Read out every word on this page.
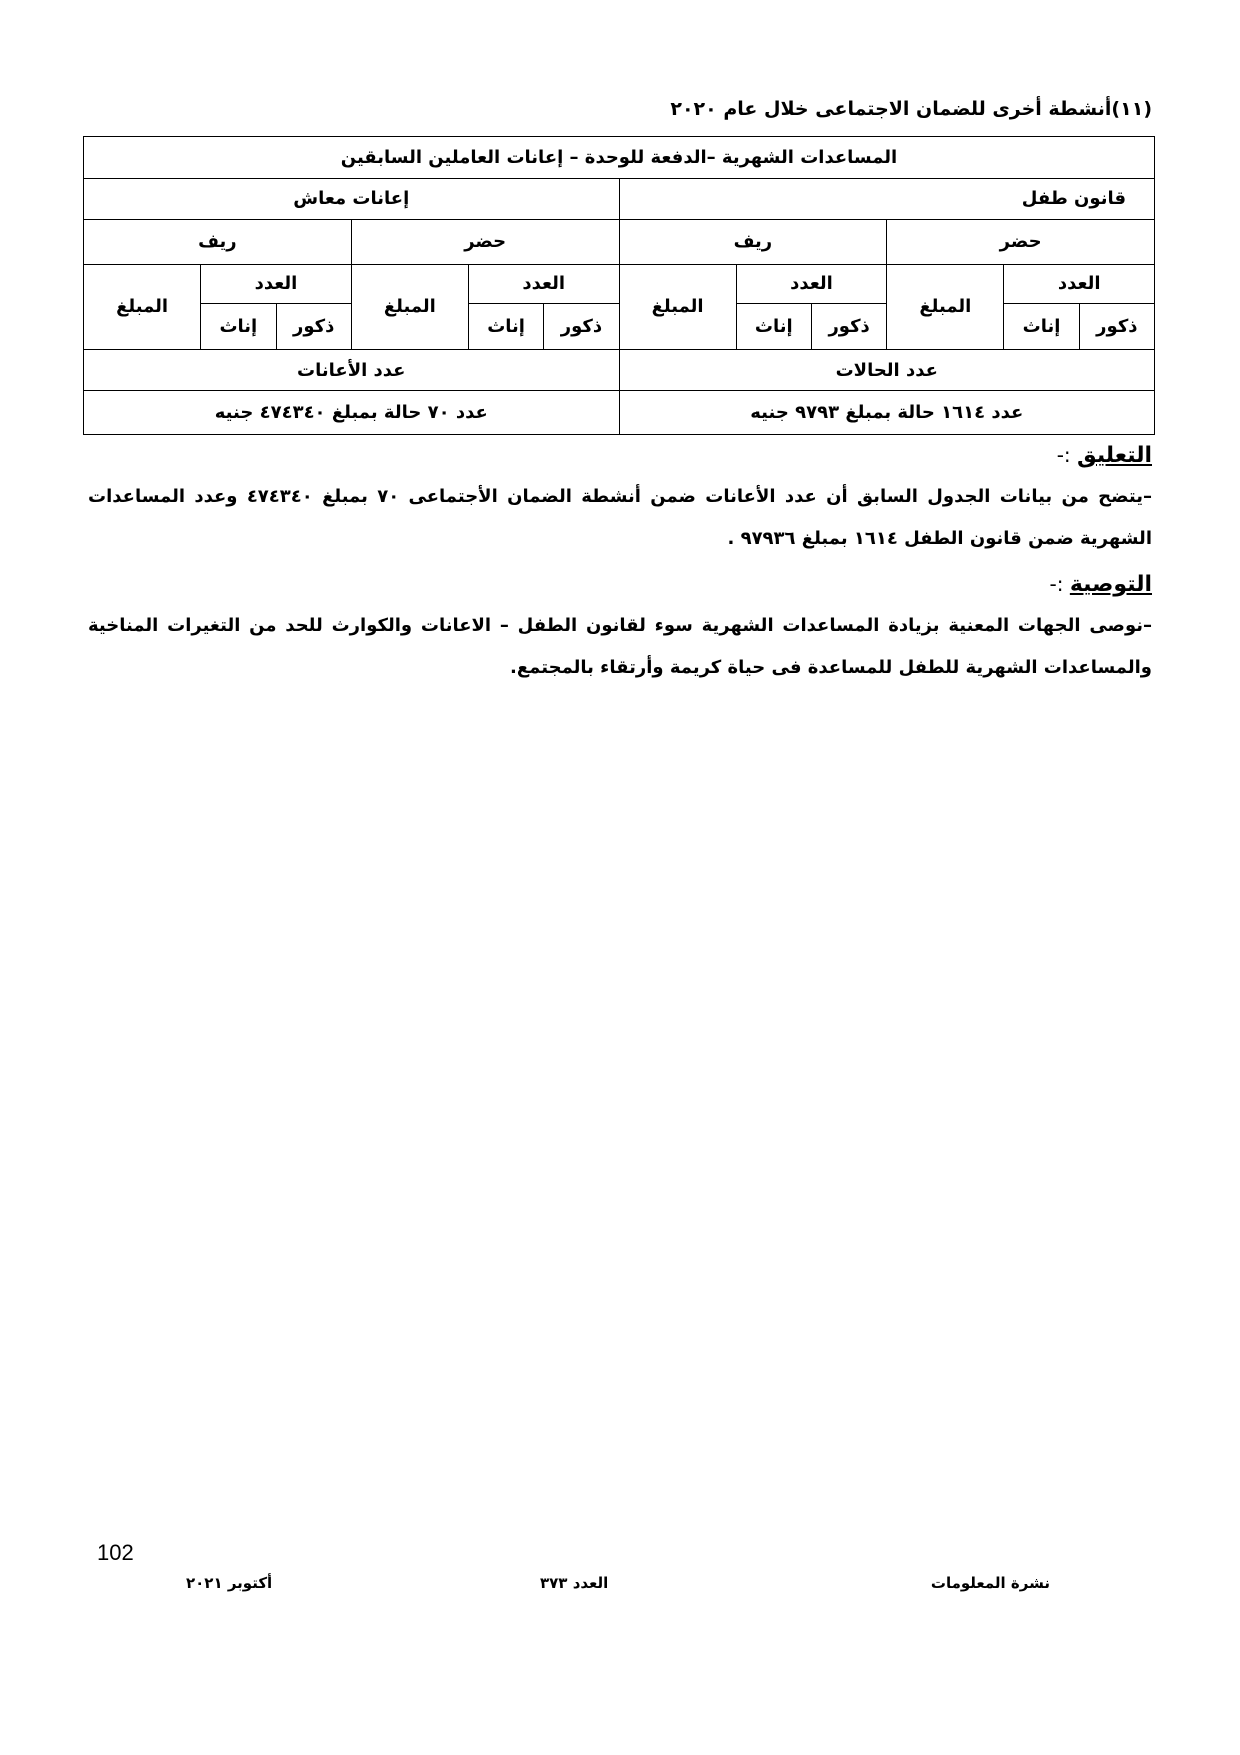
(١١)أنشطة أخرى للضمان الاجتماعى خلال عام ٢٠٢٠
المساعدات الشهرية –الدفعة للوحدة – إعانات العاملين السابقين											
قانون طفل						إعانات معاش					
حضر			ريف			حضر			ريف		
العدد		المبلغ	العدد		المبلغ	العدد		المبلغ	العدد		المبلغ
ذكور	إناث		ذكور	إناث		ذكور	إناث		ذكور	إناث	
عدد الحالات						عدد الأعانات					
عدد ١٦١٤ حالة بمبلغ ٩٧٩٣ جنيه						عدد ٧٠ حالة بمبلغ ٤٧٤٣٤٠ جنيه					
التعليق :-
–يتضح من بيانات الجدول السابق أن عدد الأعانات ضمن أنشطة الضمان الأجتماعى ٧٠ بمبلغ ٤٧٤٣٤٠ وعدد المساعدات الشهرية ضمن قانون الطفل ١٦١٤ بمبلغ ٩٧٩٣٦ .
التوصية :-
–نوصى الجهات المعنية بزيادة المساعدات الشهرية سوء لقانون الطفل – الاعانات والكوارث للحد من التغيرات المناخية والمساعدات الشهرية للطفل للمساعدة فى حياة كريمة وأرتقاء بالمجتمع.
102
نشرة المعلومات
العدد ٣٧٣
أكتوبر ٢٠٢١
